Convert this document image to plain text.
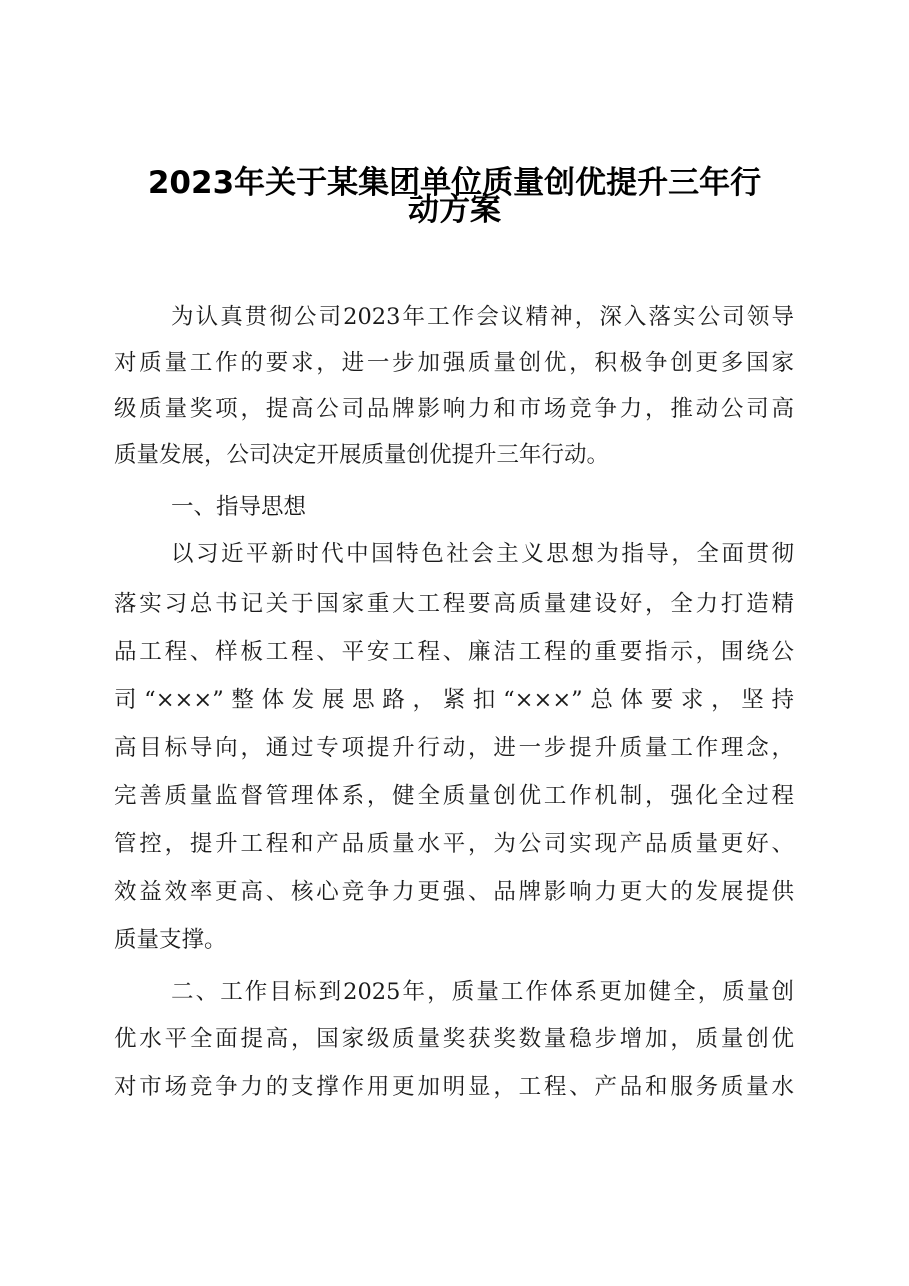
2023年关于某集团单位质量创优提升三年行
动方案
为认真贯彻公司2023年工作会议精神，深入落实公司领导
对质量工作的要求，进一步加强质量创优，积极争创更多国家
级质量奖项，提高公司品牌影响力和市场竞争力，推动公司高
质量发展，公司决定开展质量创优提升三年行动。
一、指导思想
以习近平新时代中国特色社会主义思想为指导，全面贯彻
落实习总书记关于国家重大工程要高质量建设好，全力打造精
品工程、样板工程、平安工程、廉洁工程的重要指示，围绕公
司“×××”整体发展思路，紧扣“×××”总体要求，坚持
高目标导向，通过专项提升行动，进一步提升质量工作理念，
完善质量监督管理体系，健全质量创优工作机制，强化全过程
管控，提升工程和产品质量水平，为公司实现产品质量更好、
效益效率更高、核心竞争力更强、品牌影响力更大的发展提供
质量支撑。
二、工作目标到2025年，质量工作体系更加健全，质量创
优水平全面提高，国家级质量奖获奖数量稳步增加，质量创优
对市场竞争力的支撑作用更加明显，工程、产品和服务质量水
